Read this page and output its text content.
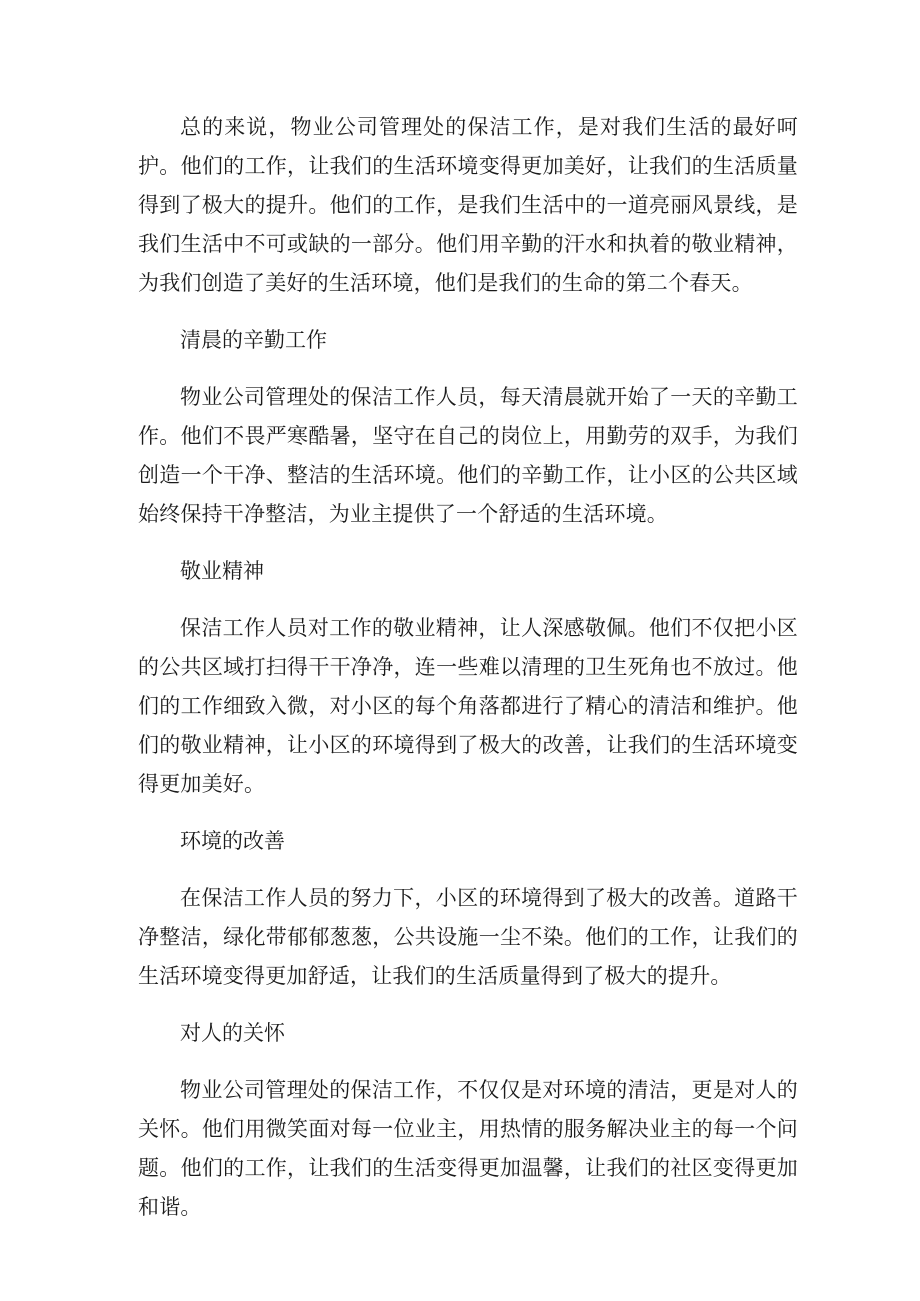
总的来说，物业公司管理处的保洁工作，是对我们生活的最好呵护。他们的工作，让我们的生活环境变得更加美好，让我们的生活质量得到了极大的提升。他们的工作，是我们生活中的一道亮丽风景线，是我们生活中不可或缺的一部分。他们用辛勤的汗水和执着的敬业精神，为我们创造了美好的生活环境，他们是我们的生命的第二个春天。

清晨的辛勤工作

物业公司管理处的保洁工作人员，每天清晨就开始了一天的辛勤工作。他们不畏严寒酷暑，坚守在自己的岗位上，用勤劳的双手，为我们创造一个干净、整洁的生活环境。他们的辛勤工作，让小区的公共区域始终保持干净整洁，为业主提供了一个舒适的生活环境。

敬业精神

保洁工作人员对工作的敬业精神，让人深感敬佩。他们不仅把小区的公共区域打扫得干干净净，连一些难以清理的卫生死角也不放过。他们的工作细致入微，对小区的每个角落都进行了精心的清洁和维护。他们的敬业精神，让小区的环境得到了极大的改善，让我们的生活环境变得更加美好。

环境的改善

在保洁工作人员的努力下，小区的环境得到了极大的改善。道路干净整洁，绿化带郁郁葱葱，公共设施一尘不染。他们的工作，让我们的生活环境变得更加舒适，让我们的生活质量得到了极大的提升。

对人的关怀

物业公司管理处的保洁工作，不仅仅是对环境的清洁，更是对人的关怀。他们用微笑面对每一位业主，用热情的服务解决业主的每一个问题。他们的工作，让我们的生活变得更加温馨，让我们的社区变得更加和谐。
